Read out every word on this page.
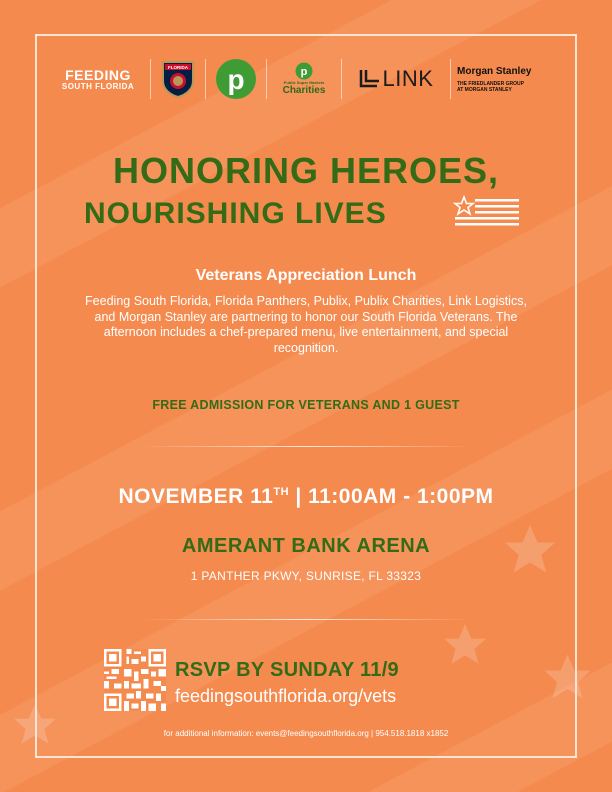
FEEDING
SOUTH FLORIDA
FLORIDA p	p
Publix Super Markets
Charities	LINK Morgan Stanley
THE FRIEDLANDER GROUP
AT MORGAN STANLEY
HONORING HEROES,
NOURISHING LIVES
Veterans Appreciation Lunch
Feeding South Florida, Florida Panthers, Publix, Publix Charities, Link Logistics, and Morgan Stanley are partnering to honor our South Florida Veterans. The afternoon includes a chef-prepared menu, live entertainment, and special recognition.
FREE ADMISSION FOR VETERANS AND 1 GUEST
NOVEMBER 11TH | 11:00AM - 1:00PM
AMERANT BANK ARENA
1 PANTHER PKWY, SUNRISE, FL 33323
RSVP BY SUNDAY 11/9
feedingsouthflorida.org/vets
for additional information: events@feedingsouthflorida.org | 954.518.1818 x1852
